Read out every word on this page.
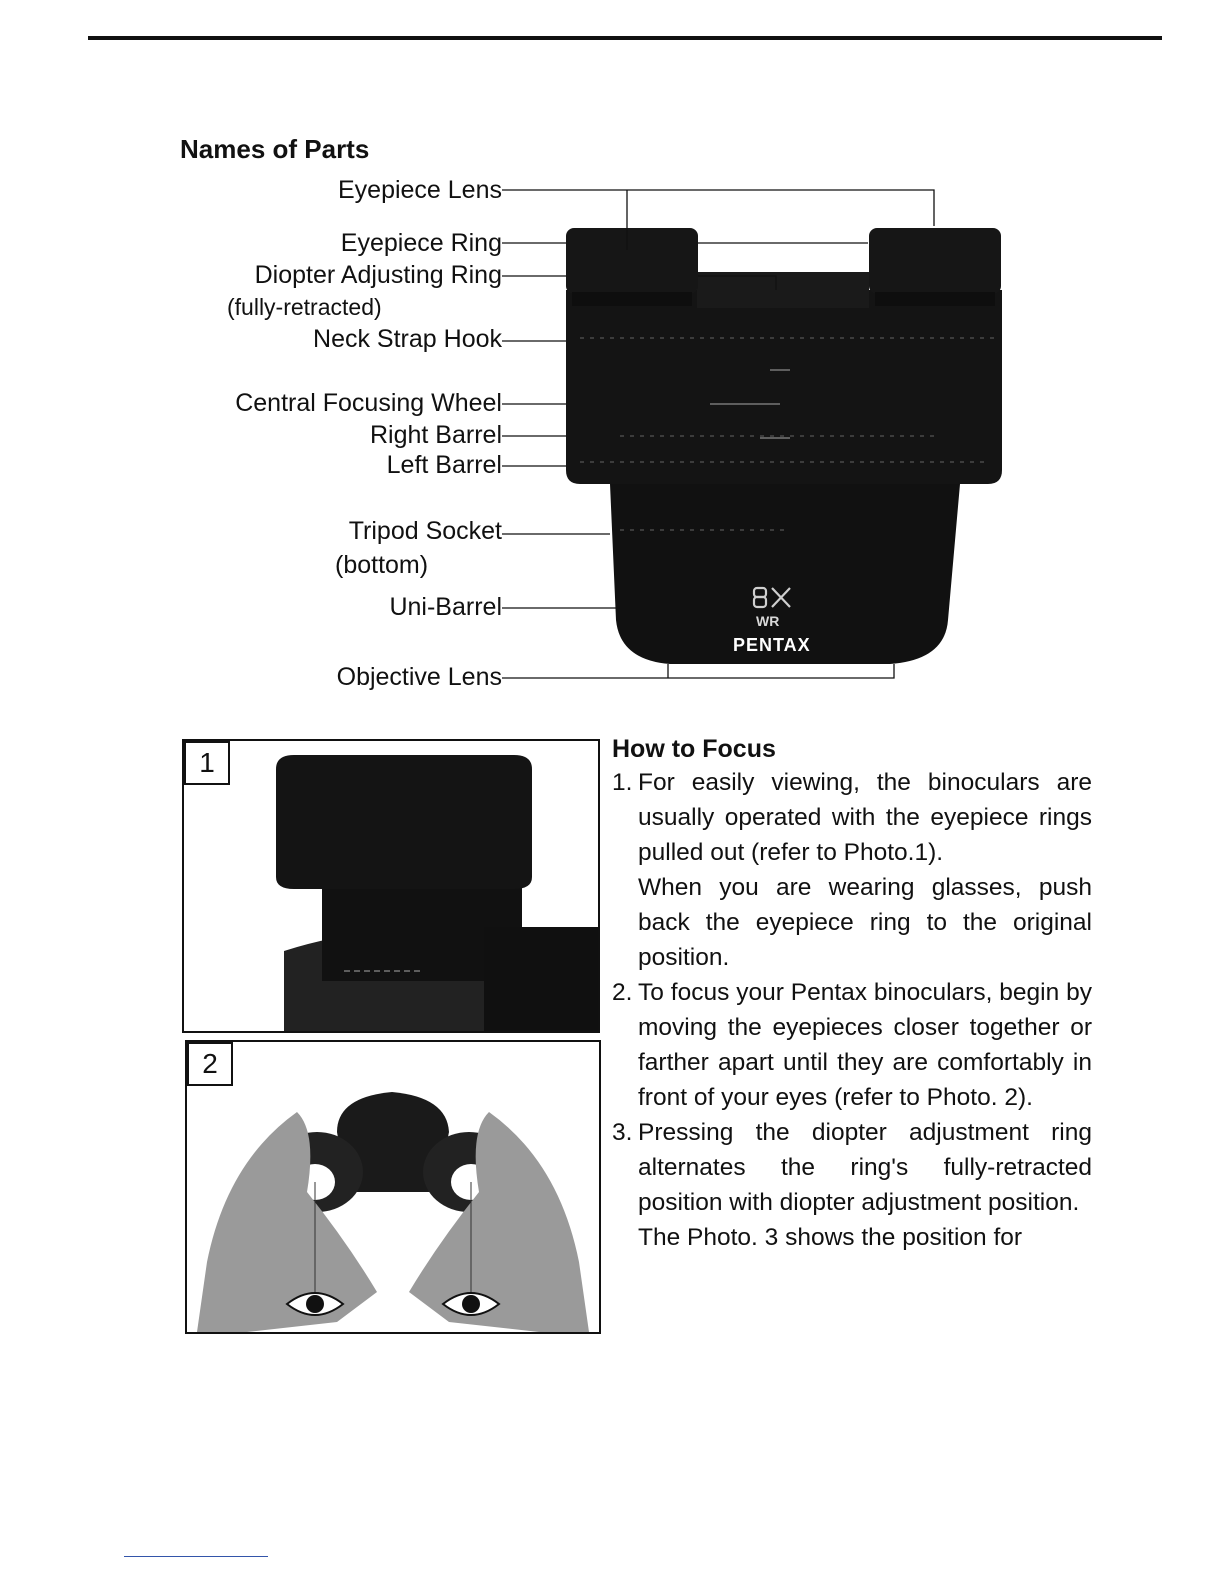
Names of Parts
WR
PENTAX
Eyepiece Lens
Eyepiece Ring
Diopter Adjusting Ring
(fully-retracted)
Neck Strap Hook
Central Focusing Wheel
Right Barrel
Left Barrel
Tripod Socket
(bottom)
Uni-Barrel
Objective Lens
1
2
How to Focus
1. For easily viewing, the binoculars are usually operated with the eyepiece rings pulled out (refer to Photo.1).

When you are wearing glasses, push back the eyepiece ring to the original position.

2. To focus your Pentax binoculars, begin by moving the eyepieces closer together or farther apart until they are comfortably in front of your eyes (refer to Photo. 2).

3. Pressing the diopter adjustment ring alternates the ring's fully-retracted position with diopter adjustment position.

The Photo. 3 shows the position for
